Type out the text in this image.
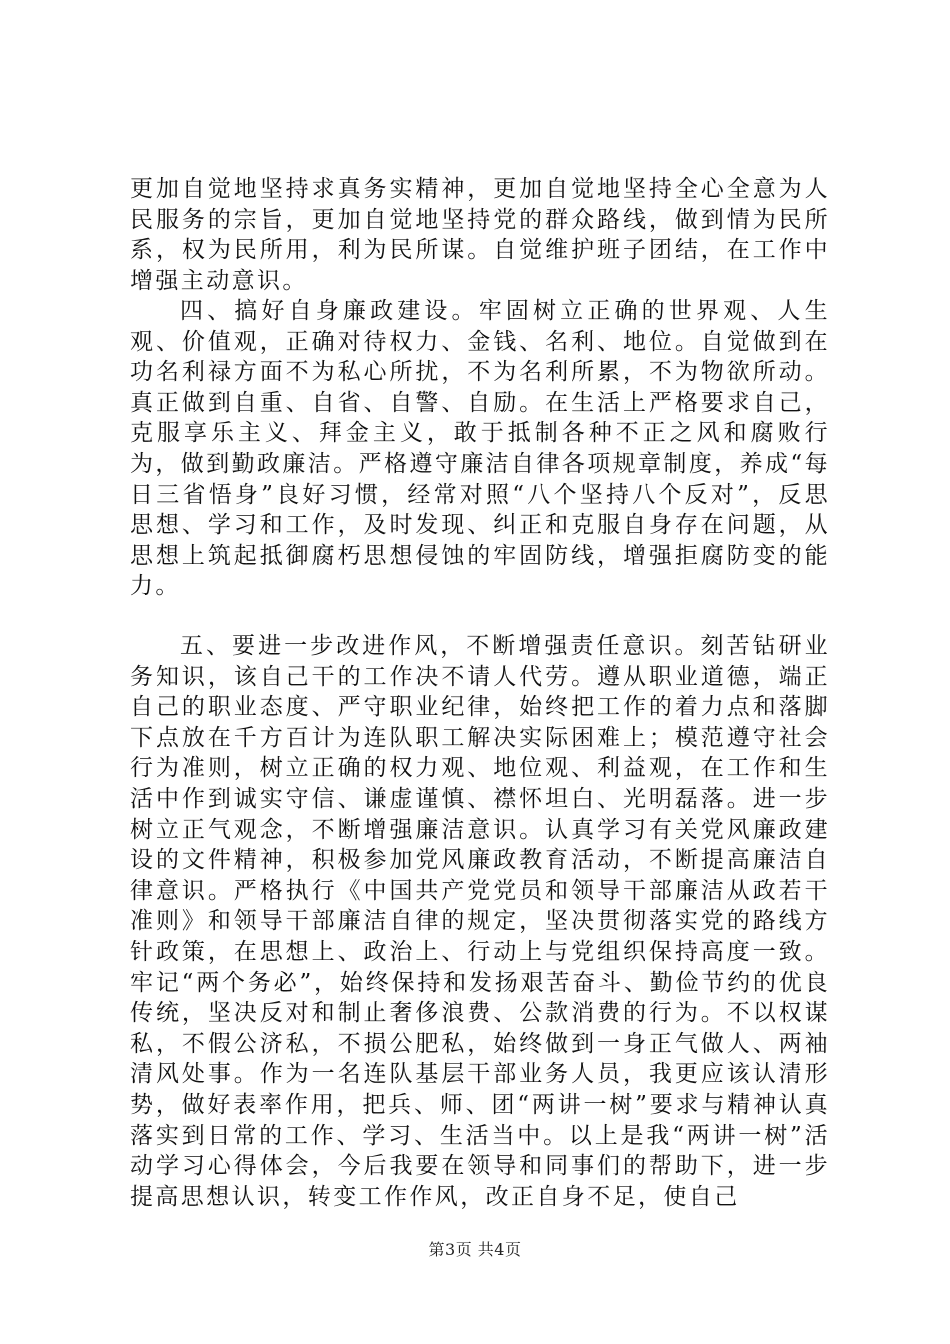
更加自觉地坚持求真务实精神，更加自觉地坚持全心全意为人民服务的宗旨，更加自觉地坚持党的群众路线，做到情为民所系，权为民所用，利为民所谋。自觉维护班子团结，在工作中增强主动意识。

四、搞好自身廉政建设。牢固树立正确的世界观、人生观、价值观，正确对待权力、金钱、名利、地位。自觉做到在功名利禄方面不为私心所扰，不为名利所累，不为物欲所动。真正做到自重、自省、自警、自励。在生活上严格要求自己，克服享乐主义、拜金主义，敢于抵制各种不正之风和腐败行为，做到勤政廉洁。严格遵守廉洁自律各项规章制度，养成“每日三省悟身”良好习惯，经常对照“八个坚持八个反对”，反思思想、学习和工作，及时发现、纠正和克服自身存在问题，从思想上筑起抵御腐朽思想侵蚀的牢固防线，增强拒腐防变的能力。

五、要进一步改进作风，不断增强责任意识。刻苦钻研业务知识，该自己干的工作决不请人代劳。遵从职业道德，端正自己的职业态度、严守职业纪律，始终把工作的着力点和落脚下点放在千方百计为连队职工解决实际困难上；模范遵守社会行为准则，树立正确的权力观、地位观、利益观，在工作和生活中作到诚实守信、谦虚谨慎、襟怀坦白、光明磊落。进一步树立正气观念，不断增强廉洁意识。认真学习有关党风廉政建设的文件精神，积极参加党风廉政教育活动，不断提高廉洁自律意识。严格执行《中国共产党党员和领导干部廉洁从政若干准则》和领导干部廉洁自律的规定，坚决贯彻落实党的路线方针政策，在思想上、政治上、行动上与党组织保持高度一致。牢记“两个务必”，始终保持和发扬艰苦奋斗、勤俭节约的优良传统，坚决反对和制止奢侈浪费、公款消费的行为。不以权谋私，不假公济私，不损公肥私，始终做到一身正气做人、两袖清风处事。作为一名连队基层干部业务人员，我更应该认清形势，做好表率作用，把兵、师、团“两讲一树”要求与精神认真落实到日常的工作、学习、生活当中。以上是我“两讲一树”活动学习心得体会，今后我要在领导和同事们的帮助下，进一步提高思想认识，转变工作作风，改正自身不足，使自己

第3页 共4页
